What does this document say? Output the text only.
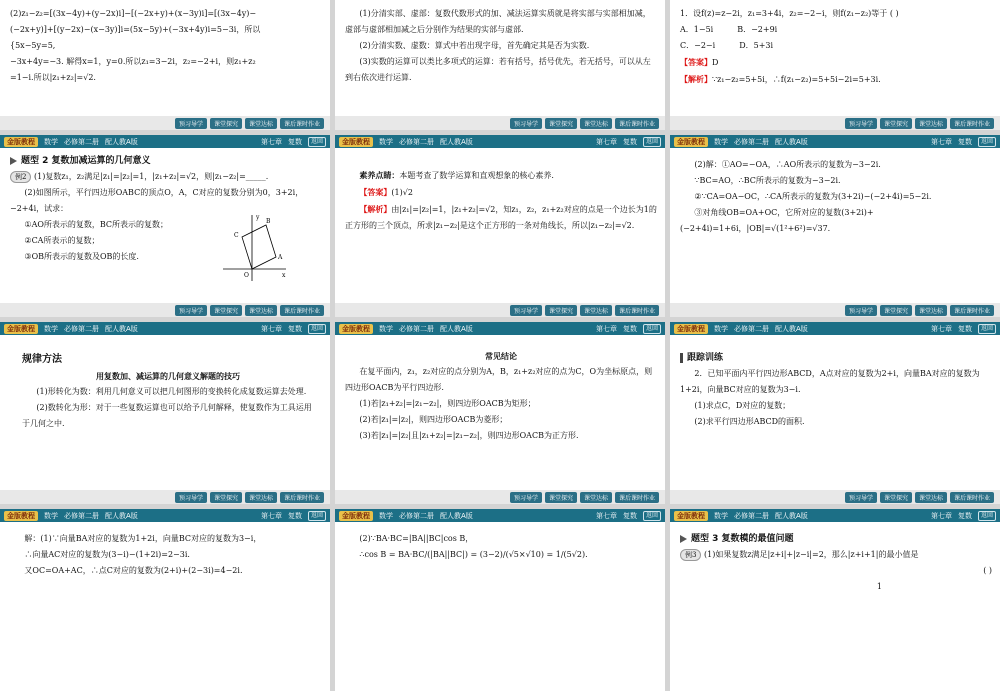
(2)z₁−z₂=[(3x−4y)+(y−2x)i]−[(−2x+y)+(x−3y)i]=[(3x−4y)−

(−2x+y)]+[(y−2x)−(x−3y)]i=(5x−5y)+(−3x+4y)i=5−3i，所以

{5x−5y=5,

−3x+4y=−3. 解得x=1，y=0.所以z₁=3−2i，z₂=−2+i，则z₁+z₂

=1−i.所以|z₁+z₂|=√2.

预习导学	课堂探究	课堂达标	课后课时作业

(1)分清实部、虚部：复数代数形式的加、减法运算实质就是将实部与实部相加减，虚部与虚部相加减之后分别作为结果的实部与虚部.

(2)分清实数、虚数：算式中若出现字母，首先确定其是否为实数.

(3)实数的运算可以类比多项式的运算：若有括号，括号优先，若无括号，可以从左到右依次进行运算.

预习导学	课堂探究	课堂达标	课后课时作业

1．设f(z)=z−2i，z₁=3+4i，z₂=−2−i，则f(z₁−z₂)等于 ( )

A．1−5i　　　	B．−2+9i

C．−2−i　　　	D．5+3i

【答案】D

【解析】∵z₁−z₂=5+5i，∴f(z₁−z₂)=5+5i−2i=5+3i.

预习导学	课堂探究	课堂达标	课后课时作业
金版教程	数学 必修第二册 配人教A版	第七章 复数	返回
题型 2 复数加减运算的几何意义

例2 (1)复数z₁，z₂满足|z₁|=|z₂|=1，|z₁+z₂|=√2，则|z₁−z₂|=_____.

(2)如图所示，平行四边形OABC的顶点O，A，C对应的复数分别为0，3+2i，−2+4i，试求：

①AO所表示的复数，BC所表示的复数；

②CA所表示的复数；

③OB所表示的复数及OB的长度.

y
x
O
A
B
C
预习导学	课堂探究	课堂达标	课后课时作业
金版教程	数学 必修第二册 配人教A版	第七章 复数	返回

素养点睛：本题考查了数学运算和直观想象的核心素养.

【答案】(1)√2

【解析】由|z₁|=|z₂|=1，|z₁+z₂|=√2，知z₁，z₂，z₁+z₂对应的点是一个边长为1的正方形的三个顶点，所求|z₁−z₂|是这个正方形的一条对角线长，所以|z₁−z₂|=√2.

预习导学	课堂探究	课堂达标	课后课时作业
金版教程	数学 必修第二册 配人教A版	第七章 复数	返回

(2)解：①AO=−OA，∴AO所表示的复数为−3−2i.

∵BC=AO，∴BC所表示的复数为−3−2i.

②∵CA=OA−OC，∴CA所表示的复数为(3+2i)−(−2+4i)=5−2i.

③对角线OB=OA+OC，它所对应的复数(3+2i)+(−2+4i)=1+6i，|OB|=√(1²+6²)=√37.

预习导学	课堂探究	课堂达标	课后课时作业
金版教程	数学 必修第二册 配人教A版	第七章 复数	返回

规律方法

用复数加、减运算的几何意义解题的技巧

(1)形转化为数：利用几何意义可以把几何图形的变换转化成复数运算去处理.

(2)数转化为形：对于一些复数运算也可以给予几何解释，使复数作为工具运用于几何之中.

预习导学	课堂探究	课堂达标	课后课时作业
金版教程	数学 必修第二册 配人教A版	第七章 复数	返回

常见结论

在复平面内，z₁，z₂对应的点分别为A，B，z₁+z₂对应的点为C，O为坐标原点，则四边形OACB为平行四边形.

(1)若|z₁+z₂|=|z₁−z₂|，则四边形OACB为矩形；

(2)若|z₁|=|z₂|，则四边形OACB为菱形；

(3)若|z₁|=|z₂|且|z₁+z₂|=|z₁−z₂|，则四边形OACB为正方形.

预习导学	课堂探究	课堂达标	课后课时作业
金版教程	数学 必修第二册 配人教A版	第七章 复数	返回
跟踪训练

2．已知平面内平行四边形ABCD，A点对应的复数为2+i，向量BA对应的复数为1+2i，向量BC对应的复数为3−i.

(1)求点C，D对应的复数；

(2)求平行四边形ABCD的面积.

预习导学	课堂探究	课堂达标	课后课时作业
金版教程	数学 必修第二册 配人教A版	第七章 复数	返回

解：(1)∵向量BA对应的复数为1+2i，向量BC对应的复数为3−i，

∴向量AC对应的复数为(3−i)−(1+2i)=2−3i.

又OC=OA+AC，∴点C对应的复数为(2+i)+(2−3i)=4−2i.

金版教程	数学 必修第二册 配人教A版	第七章 复数	返回

(2)∵BA·BC=|BA||BC|cos B，

∴cos B = BA·BC/(|BA||BC|) = (3−2)/(√5×√10) = 1/(5√2).

金版教程	数学 必修第二册 配人教A版	第七章 复数	返回
题型 3 复数模的最值问题

例3 (1)如果复数z满足|z+i|+|z−i|=2，那么|z+i+1|的最小值是

( )

1
